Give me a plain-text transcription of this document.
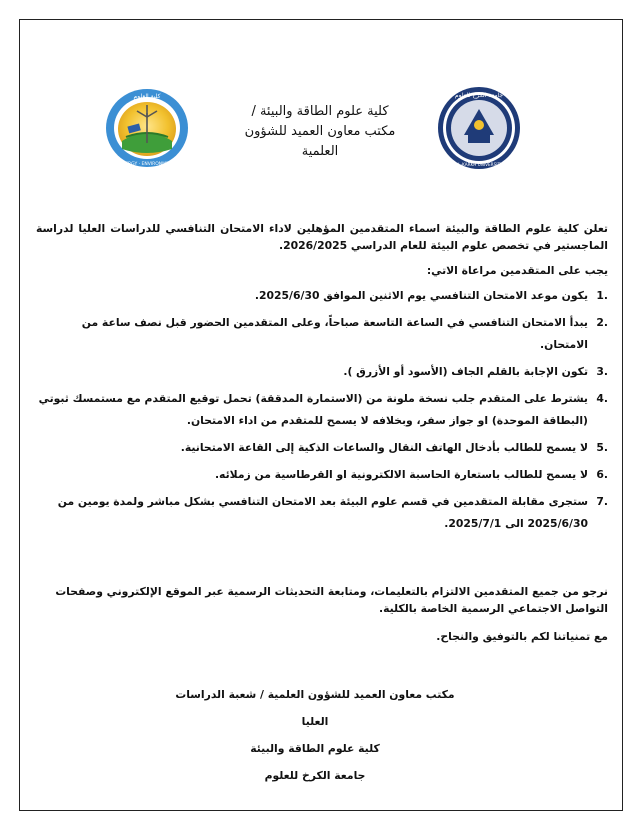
كلية العلوم
ENERGY · ENVIRONMENT
جامعة الكرخ للعلوم
AL-KARKH UNIVERSITY
كلية علوم الطاقة والبيئة /
مكتب معاون العميد للشؤون
العلمية

تعلن كلية علوم الطاقة والبيئة اسماء المتقدمين المؤهلين لاداء الامتحان التنافسي للدراسات العليا لدراسة الماجستير في تخصص علوم البيئة للعام الدراسي 2026/2025.

يجب على المتقدمين مراعاة الاتي:

.1
يكون موعد الامتحان التنافسي يوم الاثنين الموافق 2025/6/30.
.2
يبدأ الامتحان التنافسي في الساعة التاسعة صباحاً، وعلى المتقدمين الحضور قبل نصف ساعة من الامتحان.
.3
تكون الإجابة بالقلم الجاف (الأسود أو الأزرق ).
.4
يشترط على المتقدم جلب نسخة ملونة من (الاستمارة المدققة) تحمل توقيع المتقدم مع مستمسك ثبوتي (البطاقة الموحدة) او جواز سفر، وبخلافه لا يسمح للمتقدم من اداء الامتحان.
.5
لا يسمح للطالب بأدخال الهاتف النقال والساعات الذكية إلى القاعة الامتحانية.
.6
لا يسمح للطالب باستعارة الحاسبة الالكترونية او القرطاسية من زملائه.
.7
ستجرى مقابلة المتقدمين في قسم علوم البيئة بعد الامتحان التنافسي بشكل مباشر ولمدة يومين من 2025/6/30 الى 2025/7/1.

نرجو من جميع المتقدمين الالتزام بالتعليمات، ومتابعة التحديثات الرسمية عبر الموقع الإلكتروني وصفحات التواصل الاجتماعي الرسمية الخاصة بالكلية.

مع تمنياتنا لكم بالتوفيق والنجاح.

مكتب معاون العميد للشؤون العلمية / شعبة الدراسات العليا
كلية علوم الطاقة والبيئة
جامعة الكرخ للعلوم
